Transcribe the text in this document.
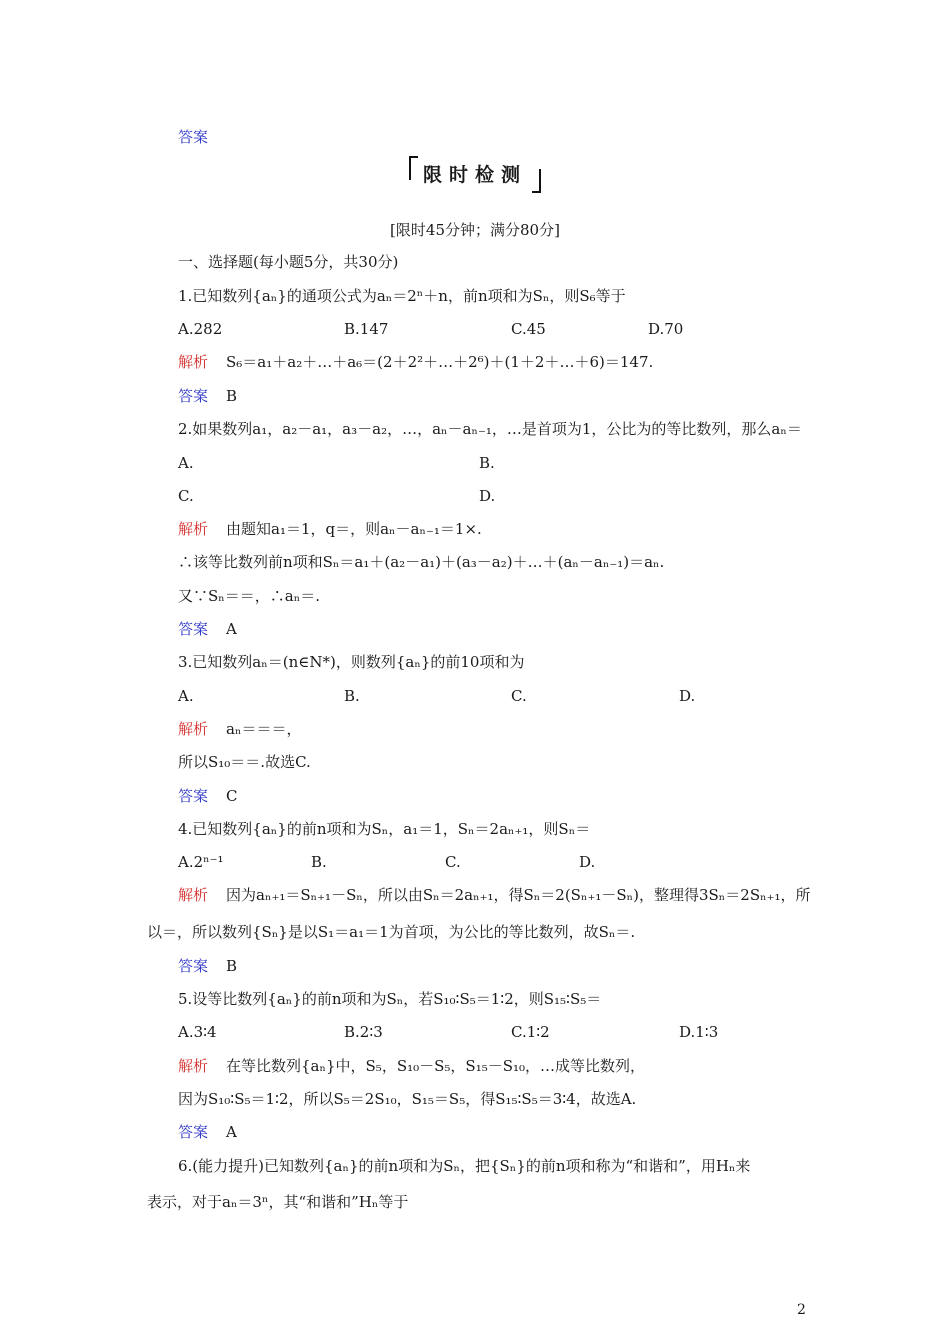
答案
限时检测
[限时45分钟；满分80分]
一、选择题(每小题5分，共30分)
1.已知数列{aₙ}的通项公式为aₙ＝2ⁿ＋n，前n项和为Sₙ，则S₆等于
A.282	B.147	C.45	D.70
解析 S₆＝a₁＋a₂＋…＋a₆＝(2＋2²＋…＋2⁶)＋(1＋2＋…＋6)＝147.
答案 B
2.如果数列a₁，a₂－a₁，a₃－a₂，…，aₙ－aₙ₋₁，…是首项为1，公比为的等比数列，那么aₙ＝
A.	B.
C.	D.
解析 由题知a₁＝1，q＝，则aₙ－aₙ₋₁＝1×.
∴该等比数列前n项和Sₙ＝a₁＋(a₂－a₁)＋(a₃－a₂)＋…＋(aₙ－aₙ₋₁)＝aₙ.
又∵Sₙ＝＝，∴aₙ＝.
答案 A
3.已知数列aₙ＝(n∈N*)，则数列{aₙ}的前10项和为
A.	B.	C.	D.
解析 aₙ＝＝＝，
所以S₁₀＝＝.故选C.
答案 C
4.已知数列{aₙ}的前n项和为Sₙ，a₁＝1，Sₙ＝2aₙ₊₁，则Sₙ＝
A.2ⁿ⁻¹	B.	C.	D.
解析 因为aₙ₊₁＝Sₙ₊₁－Sₙ，所以由Sₙ＝2aₙ₊₁，得Sₙ＝2(Sₙ₊₁－Sₙ)，整理得3Sₙ＝2Sₙ₊₁，所
以＝，所以数列{Sₙ}是以S₁＝a₁＝1为首项，为公比的等比数列，故Sₙ＝.
答案 B
5.设等比数列{aₙ}的前n项和为Sₙ，若S₁₀∶S₅＝1∶2，则S₁₅∶S₅＝
A.3∶4	B.2∶3	C.1∶2	D.1∶3
解析 在等比数列{aₙ}中，S₅，S₁₀－S₅，S₁₅－S₁₀，…成等比数列，
因为S₁₀∶S₅＝1∶2，所以S₅＝2S₁₀，S₁₅＝S₅，得S₁₅∶S₅＝3∶4，故选A.
答案 A
6.(能力提升)已知数列{aₙ}的前n项和为Sₙ，把{Sₙ}的前n项和称为“和谐和”，用Hₙ来
表示，对于aₙ＝3ⁿ，其“和谐和”Hₙ等于
2
